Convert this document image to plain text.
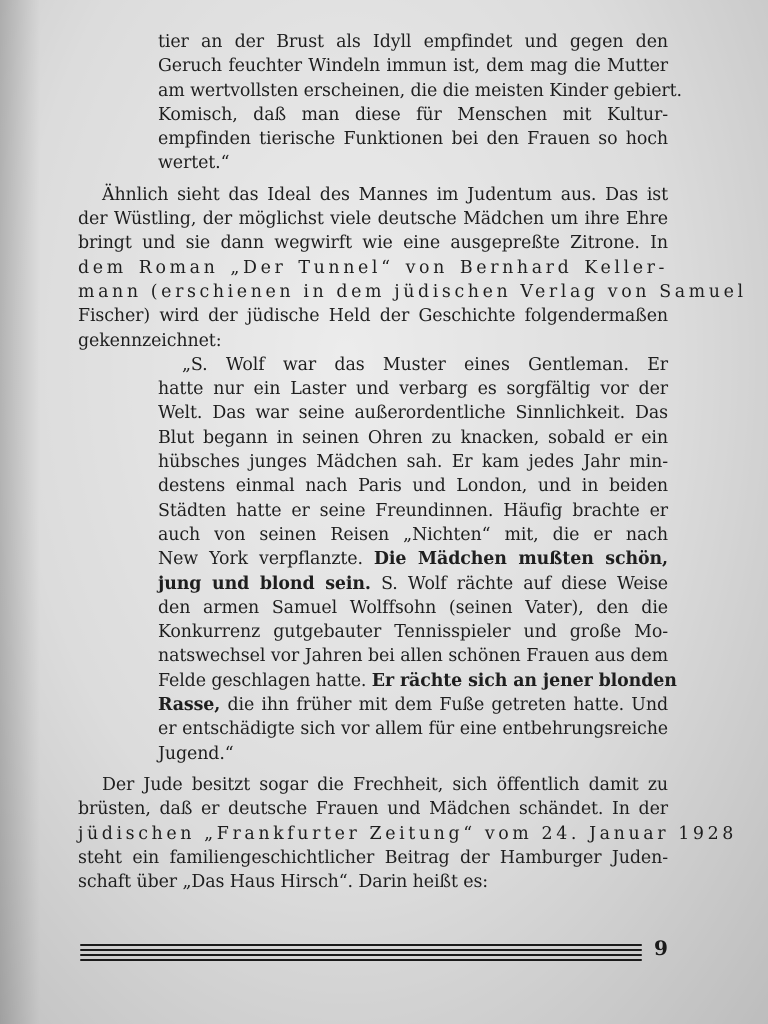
tier an der Brust als Idyll empfindet und gegen den
Geruch feuchter Windeln immun ist, dem mag die Mutter
am wertvollsten erscheinen, die die meisten Kinder gebiert.
Komisch, daß man diese für Menschen mit Kultur-
empfinden tierische Funktionen bei den Frauen so hoch
wertet.“
Ähnlich sieht das Ideal des Mannes im Judentum aus. Das ist
der Wüstling, der möglichst viele deutsche Mädchen um ihre Ehre
bringt und sie dann wegwirft wie eine ausgepreßte Zitrone. In
dem Roman „Der Tunnel“ von Bernhard Keller-
mann (erschienen in dem jüdischen Verlag von Samuel
Fischer) wird der jüdische Held der Geschichte folgendermaßen
gekennzeichnet:
„S. Wolf war das Muster eines Gentleman. Er
hatte nur ein Laster und verbarg es sorgfältig vor der
Welt. Das war seine außerordentliche Sinnlichkeit. Das
Blut begann in seinen Ohren zu knacken, sobald er ein
hübsches junges Mädchen sah. Er kam jedes Jahr min-
destens einmal nach Paris und London, und in beiden
Städten hatte er seine Freundinnen. Häufig brachte er
auch von seinen Reisen „Nichten“ mit, die er nach
New York verpflanzte. Die Mädchen mußten schön,
jung und blond sein. S. Wolf rächte auf diese Weise
den armen Samuel Wolffsohn (seinen Vater), den die
Konkurrenz gutgebauter Tennisspieler und große Mo-
natswechsel vor Jahren bei allen schönen Frauen aus dem
Felde geschlagen hatte. Er rächte sich an jener blonden
Rasse, die ihn früher mit dem Fuße getreten hatte. Und
er entschädigte sich vor allem für eine entbehrungsreiche
Jugend.“
Der Jude besitzt sogar die Frechheit, sich öffentlich damit zu
brüsten, daß er deutsche Frauen und Mädchen schändet. In der
jüdischen „Frankfurter Zeitung“ vom 24. Januar 1928
steht ein familiengeschichtlicher Beitrag der Hamburger Juden-
schaft über „Das Haus Hirsch“. Darin heißt es:
9
